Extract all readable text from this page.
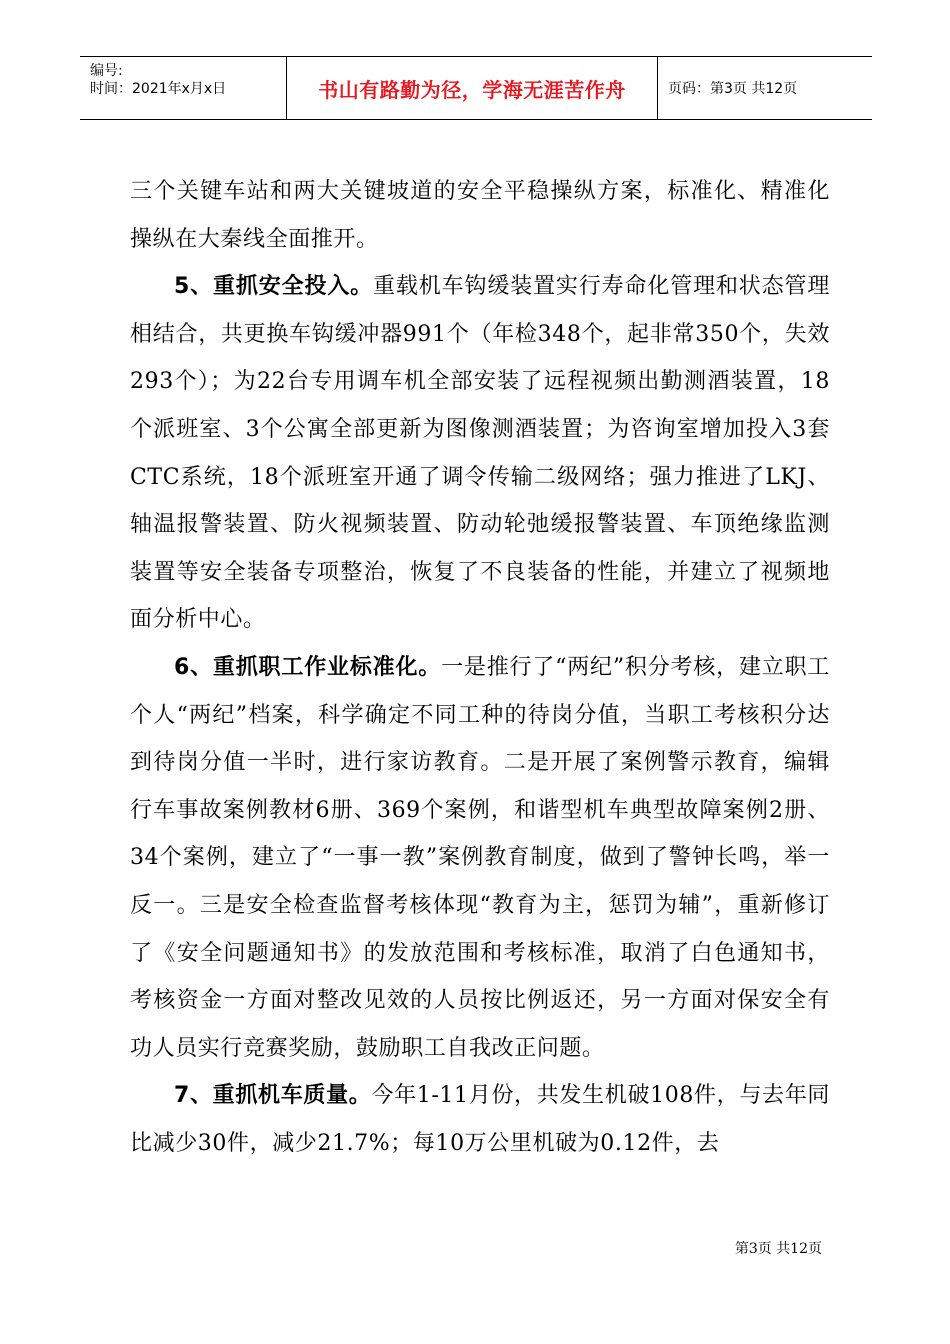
编号:
时间：2021年x月x日	书山有路勤为径，学海无涯苦作舟	页码：第3页 共12页

三个关键车站和两大关键坡道的安全平稳操纵方案，标准化、精准化操纵在大秦线全面推开。

5、重抓安全投入。重载机车钩缓装置实行寿命化管理和状态管理相结合，共更换车钩缓冲器991个（年检348个，起非常350个，失效293个）；为22台专用调车机全部安装了远程视频出勤测酒装置，18个派班室、3个公寓全部更新为图像测酒装置；为咨询室增加投入3套CTC系统，18个派班室开通了调令传输二级网络；强力推进了LKJ、轴温报警装置、防火视频装置、防动轮弛缓报警装置、车顶绝缘监测装置等安全装备专项整治，恢复了不良装备的性能，并建立了视频地面分析中心。

6、重抓职工作业标准化。一是推行了“两纪”积分考核，建立职工个人“两纪”档案，科学确定不同工种的待岗分值，当职工考核积分达到待岗分值一半时，进行家访教育。二是开展了案例警示教育，编辑行车事故案例教材6册、369个案例，和谐型机车典型故障案例2册、34个案例，建立了“一事一教”案例教育制度，做到了警钟长鸣，举一反一。三是安全检查监督考核体现“教育为主，惩罚为辅”，重新修订了《安全问题通知书》的发放范围和考核标准，取消了白色通知书，考核资金一方面对整改见效的人员按比例返还，另一方面对保安全有功人员实行竞赛奖励，鼓励职工自我改正问题。

7、重抓机车质量。今年1-11月份，共发生机破108件，与去年同比减少30件，减少21.7%；每10万公里机破为0.12件，去

第3页 共12页
